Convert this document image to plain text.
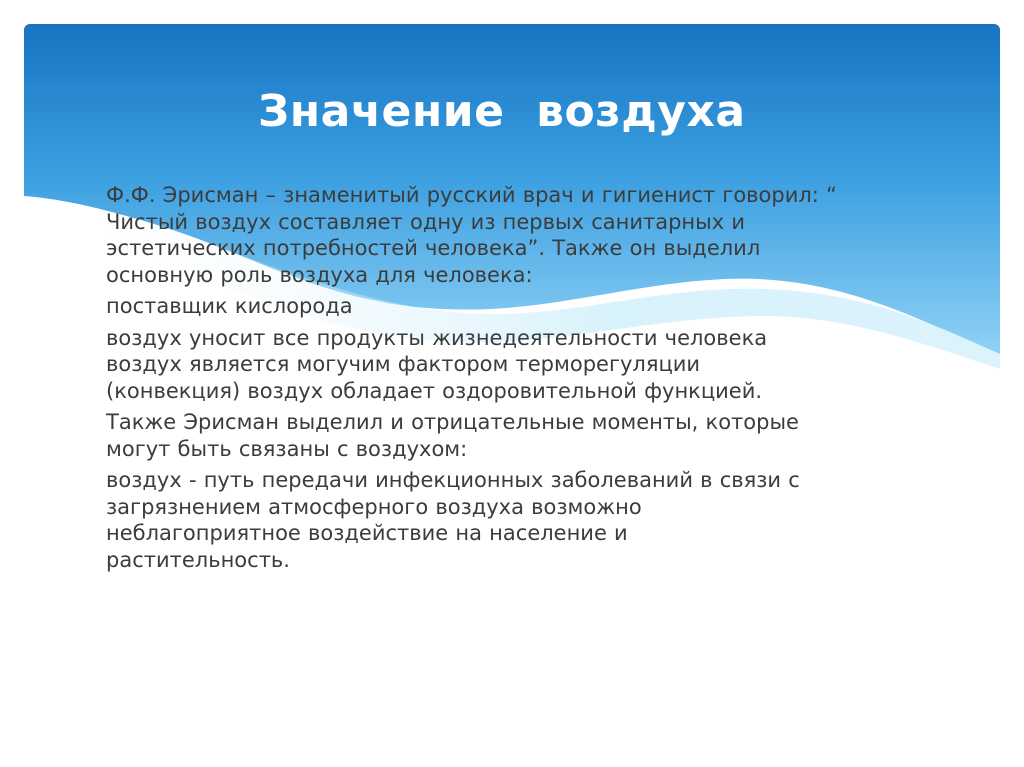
Значение  воздуха

Ф.Ф. Эрисман – знаменитый русский врач и гигиенист говорил: “
Чистый воздух составляет одну из первых санитарных и
эстетических потребностей человека”. Также он выделил
основную роль воздуха для человека:

поставщик кислорода

воздух уносит все продукты жизнедеятельности человека
воздух является могучим фактором терморегуляции
(конвекция) воздух обладает оздоровительной функцией.

Также Эрисман выделил и отрицательные моменты, которые
могут быть связаны с воздухом:

воздух - путь передачи инфекционных заболеваний в связи с
загрязнением атмосферного воздуха возможно
неблагоприятное воздействие на население и
растительность.
